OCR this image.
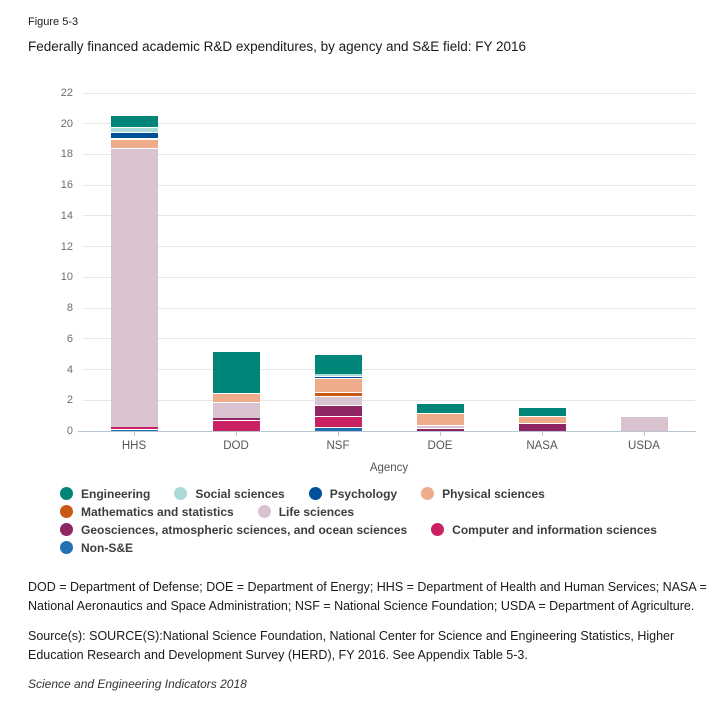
Figure 5-3
Federally financed academic R&D expenditures, by agency and S&E field: FY 2016
Agency
0
2
4
6
8
10
12
14
16
18
20
22
HHS	DOD	NSF	DOE	NASA	USDA
Engineering	Social sciences	Psychology	Physical sciences
Mathematics and statistics	Life sciences
Geosciences, atmospheric sciences, and ocean sciences	Computer and information sciences
Non-S&E
DOD = Department of Defense; DOE = Department of Energy; HHS = Department of Health and Human Services; NASA = National Aeronautics and Space Administration; NSF = National Science Foundation; USDA = Department of Agriculture.
Source(s): SOURCE(S):National Science Foundation, National Center for Science and Engineering Statistics, Higher Education Research and Development Survey (HERD), FY 2016. See Appendix Table 5-3.
Science and Engineering Indicators 2018
